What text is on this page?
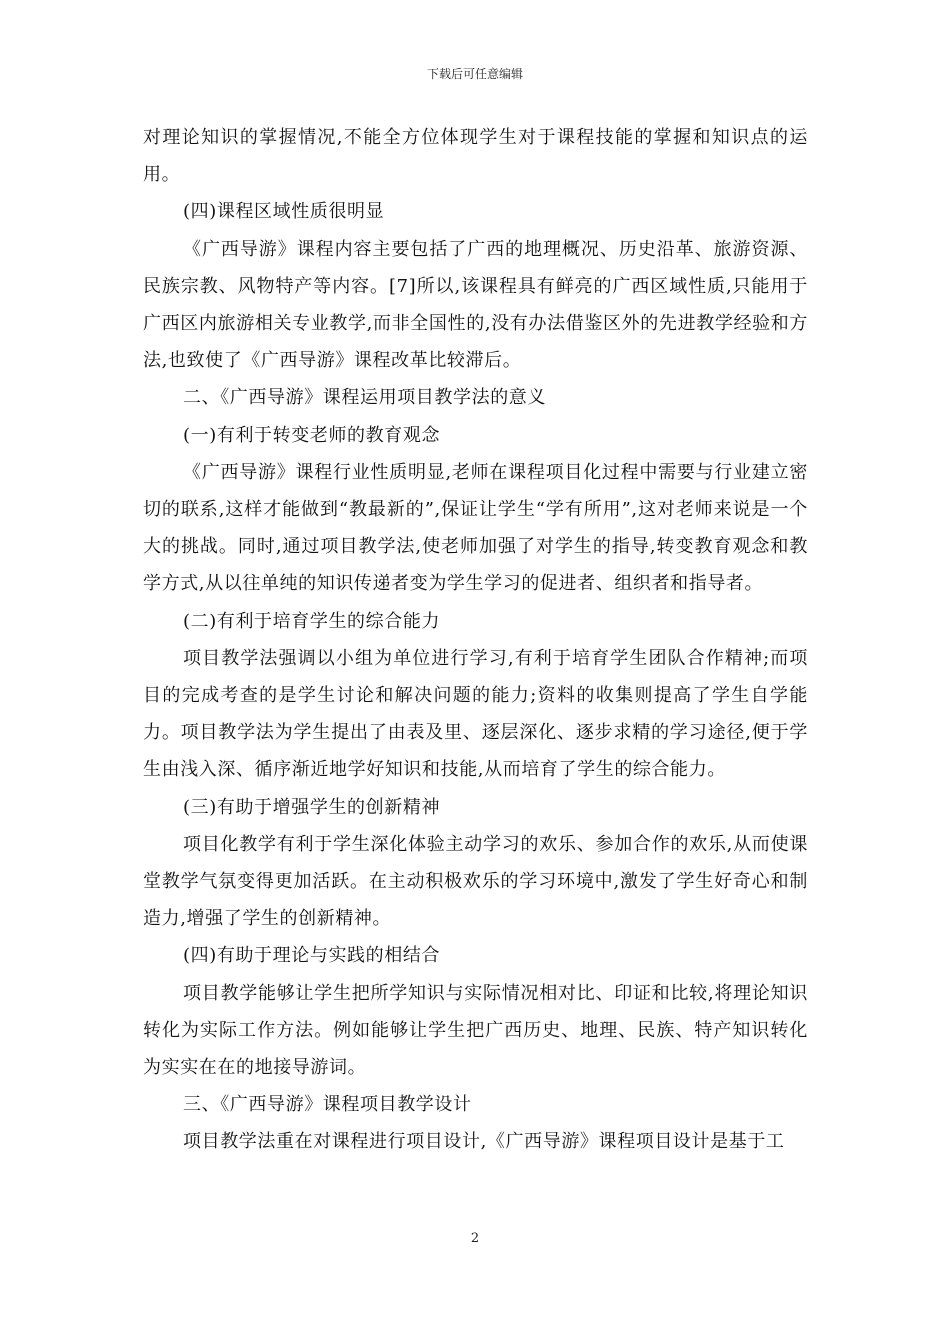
下载后可任意编辑

对理论知识的掌握情况,不能全方位体现学生对于课程技能的掌握和知识点的运用。

(四)课程区域性质很明显

《广西导游》课程内容主要包括了广西的地理概况、历史沿革、旅游资源、民族宗教、风物特产等内容。[7]所以,该课程具有鲜亮的广西区域性质,只能用于广西区内旅游相关专业教学,而非全国性的,没有办法借鉴区外的先进教学经验和方法,也致使了《广西导游》课程改革比较滞后。

二、《广西导游》课程运用项目教学法的意义

(一)有利于转变老师的教育观念

《广西导游》课程行业性质明显,老师在课程项目化过程中需要与行业建立密切的联系,这样才能做到“教最新的”,保证让学生“学有所用”,这对老师来说是一个大的挑战。同时,通过项目教学法,使老师加强了对学生的指导,转变教育观念和教学方式,从以往单纯的知识传递者变为学生学习的促进者、组织者和指导者。

(二)有利于培育学生的综合能力

项目教学法强调以小组为单位进行学习,有利于培育学生团队合作精神;而项目的完成考查的是学生讨论和解决问题的能力;资料的收集则提高了学生自学能力。项目教学法为学生提出了由表及里、逐层深化、逐步求精的学习途径,便于学生由浅入深、循序渐近地学好知识和技能,从而培育了学生的综合能力。

(三)有助于增强学生的创新精神

项目化教学有利于学生深化体验主动学习的欢乐、参加合作的欢乐,从而使课堂教学气氛变得更加活跃。在主动积极欢乐的学习环境中,激发了学生好奇心和制造力,增强了学生的创新精神。

(四)有助于理论与实践的相结合

项目教学能够让学生把所学知识与实际情况相对比、印证和比较,将理论知识转化为实际工作方法。例如能够让学生把广西历史、地理、民族、特产知识转化为实实在在的地接导游词。

三、《广西导游》课程项目教学设计

项目教学法重在对课程进行项目设计,《广西导游》课程项目设计是基于工

2
